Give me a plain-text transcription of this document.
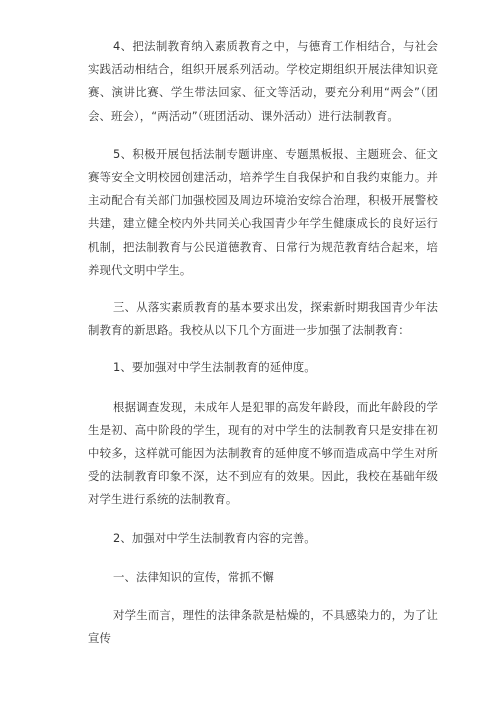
4、把法制教育纳入素质教育之中，与德育工作相结合，与社会实践活动相结合，组织开展系列活动。学校定期组织开展法律知识竞赛、演讲比赛、学生带法回家、征文等活动，要充分利用“两会”（团会、班会），“两活动”（班团活动、课外活动）进行法制教育。

5、积极开展包括法制专题讲座、专题黑板报、主题班会、征文赛等安全文明校园创建活动，培养学生自我保护和自我约束能力。并主动配合有关部门加强校园及周边环境治安综合治理，积极开展警校共建，建立健全校内外共同关心我国青少年学生健康成长的良好运行机制，把法制教育与公民道德教育、日常行为规范教育结合起来，培养现代文明中学生。

三、从落实素质教育的基本要求出发，探索新时期我国青少年法制教育的新思路。我校从以下几个方面进一步加强了法制教育：

1、要加强对中学生法制教育的延伸度。

根据调查发现，未成年人是犯罪的高发年龄段，而此年龄段的学生是初、高中阶段的学生，现有的对中学生的法制教育只是安排在初中较多，这样就可能因为法制教育的延伸度不够而造成高中学生对所受的法制教育印象不深，达不到应有的效果。因此，我校在基础年级对学生进行系统的法制教育。

2、加强对中学生法制教育内容的完善。

一、法律知识的宣传，常抓不懈

对学生而言，理性的法律条款是枯燥的，不具感染力的，为了让宣传
